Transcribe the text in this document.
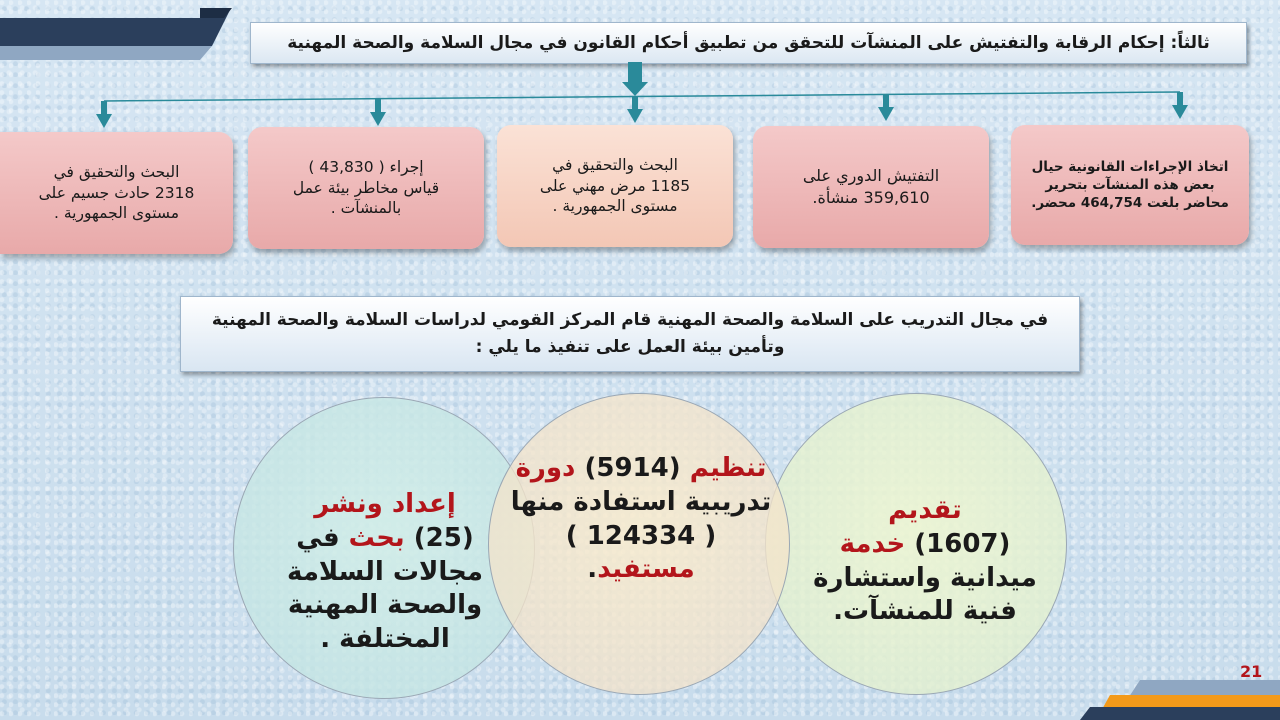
ثالثاً: إحكام الرقابة والتفتيش على المنشآت للتحقق من تطبيق أحكام القانون في مجال السلامة والصحة المهنية
اتخاذ الإجراءات القانونية حيال
بعض هذه المنشآت بتحرير
محاضر بلغت 464,754 محضر.
التفتيش الدوري على
359,610 منشأة.
البحث والتحقيق في
1185 مرض مهني على
مستوى الجمهورية .
إجراء ( 43,830 )
قياس مخاطر بيئة عمل
بالمنشآت .
البحث والتحقيق في
2318 حادث جسيم على
مستوى الجمهورية .
في مجال التدريب على السلامة والصحة المهنية قام المركز القومي لدراسات السلامة والصحة المهنية
وتأمين بيئة العمل على تنفيذ ما يلي :
إعداد ونشر
(25) بحث في
مجالات السلامة
والصحة المهنية
المختلفة .
تنظيم (5914) دورة
تدريبية استفادة منها
( 124334 )
مستفيد.
تقديم
(1607) خدمة
ميدانية واستشارة
فنية للمنشآت.
21
